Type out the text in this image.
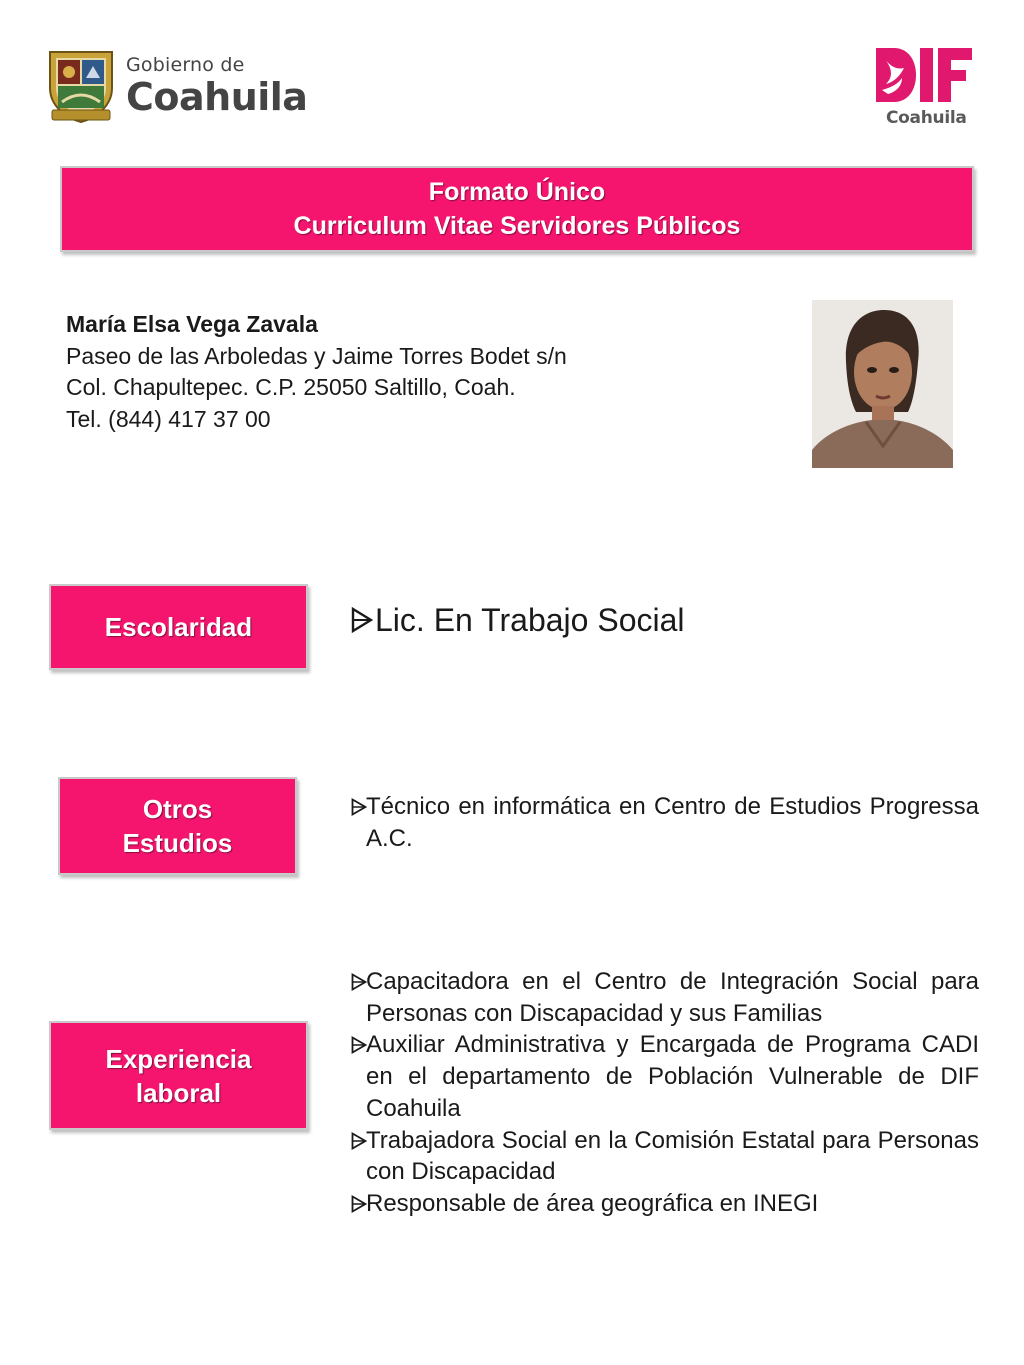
Gobierno de
Coahuila	Coahuila
Formato Único
Curriculum Vitae Servidores Públicos
María Elsa Vega Zavala
Paseo de las Arboledas y Jaime Torres Bodet s/n
Col. Chapultepec. C.P. 25050 Saltillo, Coah.
Tel. (844) 417 37 00
Escolaridad	Lic. En Trabajo Social
Otros
Estudios
Técnico en informática en Centro de Estudios Progressa A.C.
Experiencia
laboral
Capacitadora en el Centro de Integración Social para Personas con Discapacidad y sus Familias
Auxiliar Administrativa y Encargada de Programa CADI en el departamento de Población Vulnerable de DIF Coahuila
Trabajadora Social en la Comisión Estatal para Personas con Discapacidad
Responsable de área geográfica en INEGI
